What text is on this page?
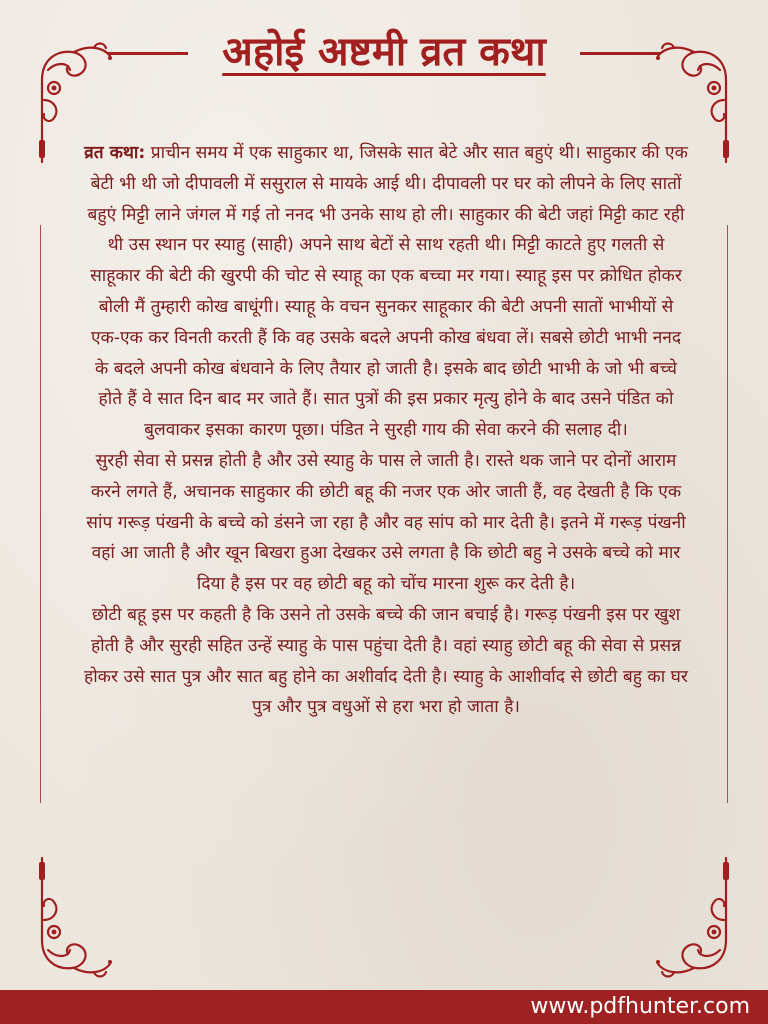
अहोई अष्टमी व्रत कथा

व्रत कथा: प्राचीन समय में एक साहुकार था, जिसके सात बेटे और सात बहुएं थी। साहुकार की एक बेटी भी थी जो दीपावली में ससुराल से मायके आई थी। दीपावली पर घर को लीपने के लिए सातों बहुएं मिट्टी लाने जंगल में गई तो ननद भी उनके साथ हो ली। साहुकार की बेटी जहां मिट्टी काट रही थी उस स्थान पर स्याहु (साही) अपने साथ बेटों से साथ रहती थी। मिट्टी काटते हुए गलती से साहूकार की बेटी की खुरपी की चोट से स्याहू का एक बच्चा मर गया। स्याहू इस पर क्रोधित होकर बोली मैं तुम्हारी कोख बाधूंगी। स्याहू के वचन सुनकर साहूकार की बेटी अपनी सातों भाभीयों से एक-एक कर विनती करती हैं कि वह उसके बदले अपनी कोख बंधवा लें। सबसे छोटी भाभी ननद के बदले अपनी कोख बंधवाने के लिए तैयार हो जाती है। इसके बाद छोटी भाभी के जो भी बच्चे होते हैं वे सात दिन बाद मर जाते हैं। सात पुत्रों की इस प्रकार मृत्यु होने के बाद उसने पंडित को बुलवाकर इसका कारण पूछा। पंडित ने सुरही गाय की सेवा करने की सलाह दी।

सुरही सेवा से प्रसन्न होती है और उसे स्याहु के पास ले जाती है। रास्ते थक जाने पर दोनों आराम करने लगते हैं, अचानक साहुकार की छोटी बहू की नजर एक ओर जाती हैं, वह देखती है कि एक सांप गरूड़ पंखनी के बच्चे को डंसने जा रहा है और वह सांप को मार देती है। इतने में गरूड़ पंखनी वहां आ जाती है और खून बिखरा हुआ देखकर उसे लगता है कि छोटी बहु ने उसके बच्चे को मार दिया है इस पर वह छोटी बहू को चोंच मारना शुरू कर देती है।

छोटी बहू इस पर कहती है कि उसने तो उसके बच्चे की जान बचाई है। गरूड़ पंखनी इस पर खुश होती है और सुरही सहित उन्हें स्याहु के पास पहुंचा देती है। वहां स्याहु छोटी बहू की सेवा से प्रसन्न होकर उसे सात पुत्र और सात बहु होने का अशीर्वाद देती है। स्याहु के आशीर्वाद से छोटी बहु का घर पुत्र और पुत्र वधुओं से हरा भरा हो जाता है।

www.pdfhunter.com
